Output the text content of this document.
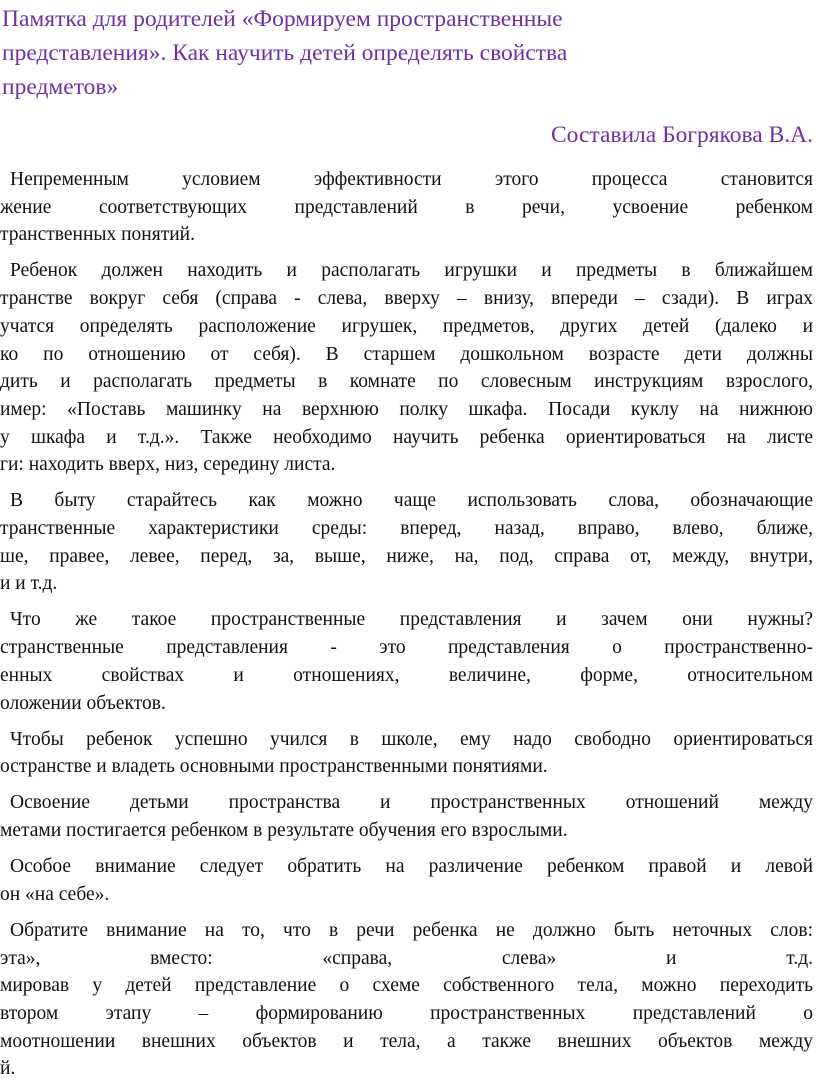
Памятка для родителей «Формируем пространственные
представления». Как научить детей определять свойства
предметов»

Составила Богрякова В.А.

Непременным условием эффективности этого процесса становится
жение соответствующих представлений в речи, усвоение ребенком
транственных понятий.
Ребенок должен находить и располагать игрушки и предметы в ближайшем
транстве вокруг себя (справа - слева, вверху – внизу, впереди – сзади). В играх
учатся определять расположение игрушек, предметов, других детей (далеко и
ко по отношению от себя). В старшем дошкольном возрасте дети должны
дить и располагать предметы в комнате по словесным инструкциям взрослого,
имер: «Поставь машинку на верхнюю полку шкафа. Посади куклу на нижнюю
у шкафа и т.д.». Также необходимо научить ребенка ориентироваться на листе
ги: находить вверх, низ, середину листа.
В быту старайтесь как можно чаще использовать слова, обозначающие
транственные характеристики среды: вперед, назад, вправо, влево, ближе,
ше, правее, левее, перед, за, выше, ниже, на, под, справа от, между, внутри,
и и т.д.
Что же такое пространственные представления и зачем они нужны?
странственные представления - это представления о пространственно-
енных свойствах и отношениях, величине, форме, относительном
оложении объектов.
Чтобы ребенок успешно учился в школе, ему надо свободно ориентироваться
остранстве и владеть основными пространственными понятиями.
Освоение детьми пространства и пространственных отношений между
метами постигается ребенком в результате обучения его взрослыми.
Особое внимание следует обратить на различение ребенком правой и левой
он «на себе».
Обратите внимание на то, что в речи ребенка не должно быть неточных слов:
эта», вместо: «справа, слева» и т.д.
мировав у детей представление о схеме собственного тела, можно переходить
втором этапу – формированию пространственных представлений о
моотношении внешних объектов и тела, а также внешних объектов между
й.
